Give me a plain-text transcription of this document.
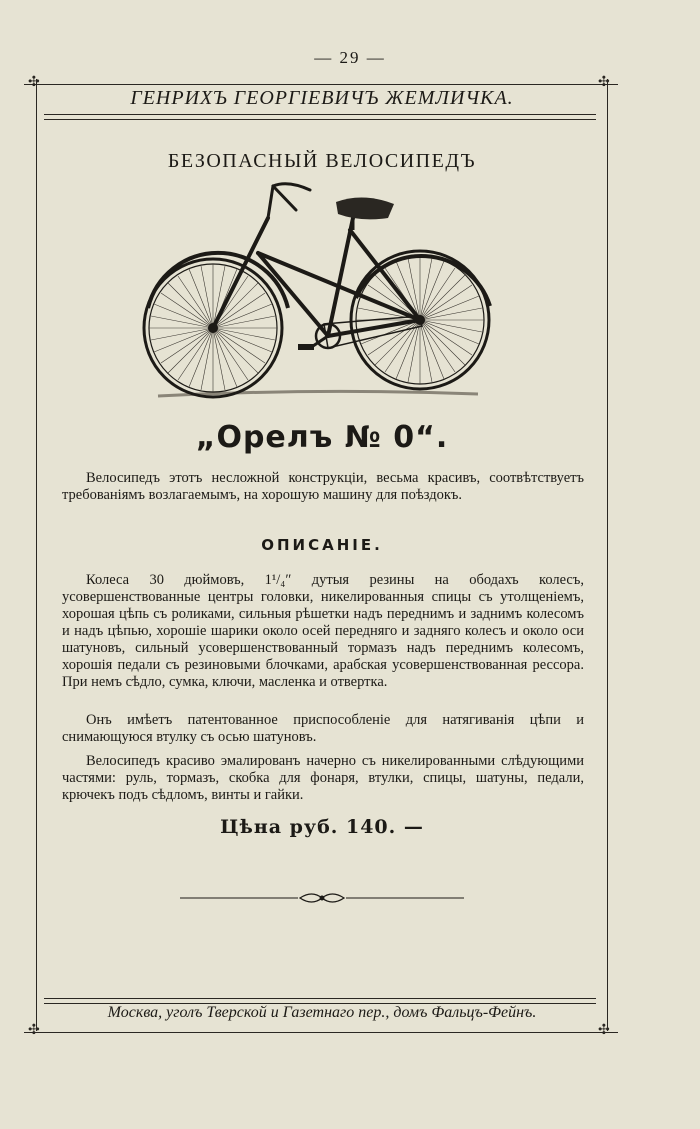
— 29 —
✣	✣
✣	✣
ГЕНРИХЪ ГЕОРГІЕВИЧЪ ЖЕМЛИЧКА.
БЕЗОПАСНЫЙ ВЕЛОСИПЕДЪ
„Орелъ № 0“.

Велосипедъ этотъ несложной конструкціи, весьма красивъ, соотвѣтствуетъ требованіямъ возлагаемымъ, на хорошую машину для поѣздокъ.

ОПИСАНІЕ.

Колеса 30 дюймовъ, 1¹/₄″ дутыя резины на ободахъ колесъ, усовершенствованные центры головки, никелированныя спицы съ утолщеніемъ, хорошая цѣпь съ роликами, сильныя рѣшетки надъ переднимъ и заднимъ колесомъ и надъ цѣпью, хорошіе шарики около осей передняго и задняго колесъ и около оси шатуновъ, сильный усовершенствованный тормазъ надъ переднимъ колесомъ, хорошія педали съ резиновыми блочками, арабская усовершенствованная рессора. При немъ сѣдло, сумка, ключи, масленка и отвертка.

Онъ имѣетъ патентованное приспособленіе для натягиванія цѣпи и снимающуюся втулку съ осью шатуновъ.

Велосипедъ красиво эмалированъ начерно съ никелированными слѣдующими частями: руль, тормазъ, скобка для фонаря, втулки, спицы, шатуны, педали, крючекъ подъ сѣдломъ, винты и гайки.

Цѣна руб. 140. —
Москва, уголъ Тверской и Газетнаго пер., домъ Фальцъ-Фейнъ.
